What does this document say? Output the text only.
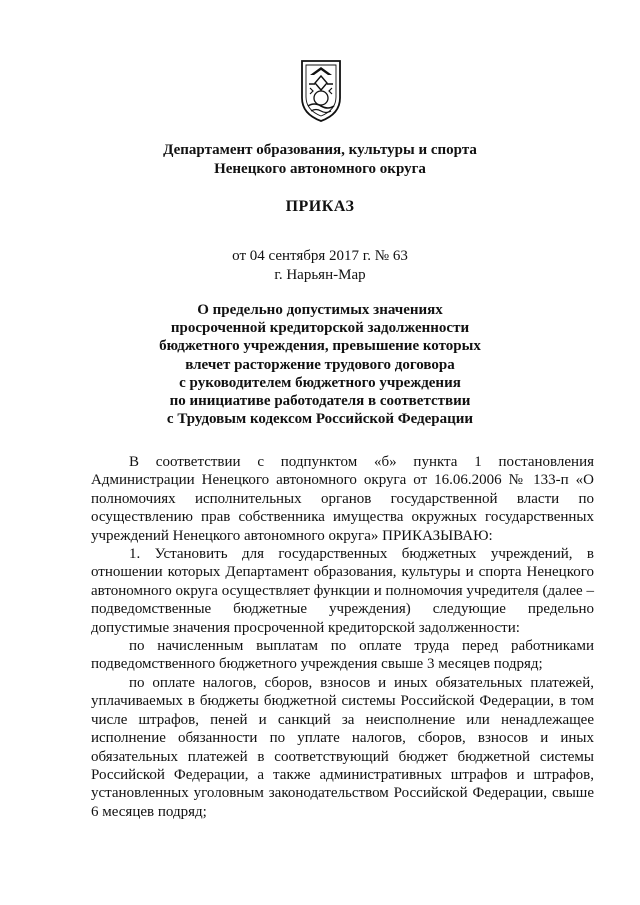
Департамент образования, культуры и спорта
Ненецкого автономного округа
ПРИКАЗ
от 04 сентября 2017 г. № 63
г. Нарьян-Мар
О предельно допустимых значениях
просроченной кредиторской задолженности
бюджетного учреждения, превышение которых
влечет расторжение трудового договора
с руководителем бюджетного учреждения
по инициативе работодателя в соответствии
с Трудовым кодексом Российской Федерации

В соответствии с подпунктом «б» пункта 1 постановления Администрации Ненецкого автономного округа от 16.06.2006 № 133-п «О полномочиях исполнительных органов государственной власти по осуществлению прав собственника имущества окружных государственных учреждений Ненецкого автономного округа» ПРИКАЗЫВАЮ:

1. Установить для государственных бюджетных учреждений, в отношении которых Департамент образования, культуры и спорта Ненецкого автономного округа осуществляет функции и полномочия учредителя (далее – подведомственные бюджетные учреждения) следующие предельно допустимые значения просроченной кредиторской задолженности:

по начисленным выплатам по оплате труда перед работниками подведомственного бюджетного учреждения свыше 3 месяцев подряд;

по оплате налогов, сборов, взносов и иных обязательных платежей, уплачиваемых в бюджеты бюджетной системы Российской Федерации, в том числе штрафов, пеней и санкций за неисполнение или ненадлежащее исполнение обязанности по уплате налогов, сборов, взносов и иных обязательных платежей в соответствующий бюджет бюджетной системы Российской Федерации, а также административных штрафов и штрафов, установленных уголовным законодательством Российской Федерации, свыше 6 месяцев подряд;
